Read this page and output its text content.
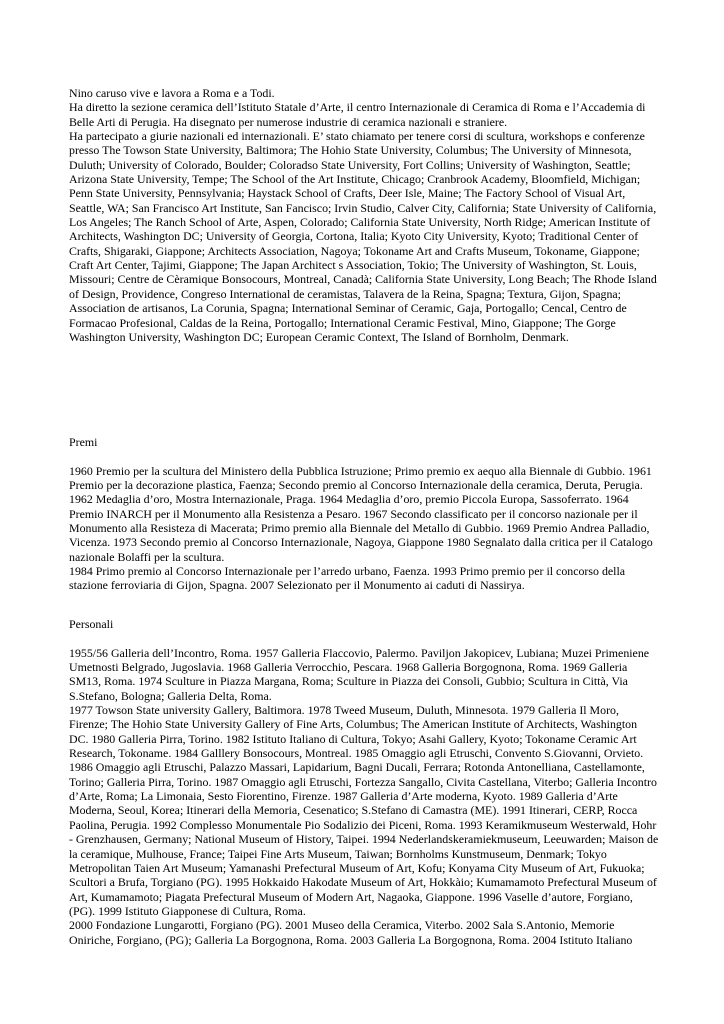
Nino caruso vive e lavora a Roma e a Todi.

Ha diretto la sezione ceramica dell’Istituto Statale d’Arte, il centro Internazionale di Ceramica di Roma e l’Accademia di Belle Arti di Perugia. Ha disegnato per numerose industrie di ceramica nazionali e straniere.

Ha partecipato a giurie nazionali ed internazionali. E’ stato chiamato per tenere corsi di scultura, workshops e conferenze presso The Towson State University, Baltimora; The Hohio State University, Columbus; The University of Minnesota, Duluth; University of Colorado, Boulder; Coloradso State University, Fort Collins; University of Washington, Seattle; Arizona State University, Tempe; The School of the Art Institute, Chicago; Cranbrook Academy, Bloomfield, Michigan; Penn State University, Pennsylvania; Haystack School of Crafts, Deer Isle, Maine; The Factory School of Visual Art, Seattle, WA; San Francisco Art Institute, San Fancisco; Irvin Studio, Calver City, California; State University of California, Los Angeles; The Ranch School of Arte, Aspen, Colorado; California State University, North Ridge; American Institute of Architects, Washington DC; University of Georgia, Cortona, Italia; Kyoto City University, Kyoto; Traditional Center of Crafts, Shigaraki, Giappone; Architects Association, Nagoya; Tokoname Art and Crafts Museum, Tokoname, Giappone; Craft Art Center, Tajimi, Giappone; The Japan Architect s Association, Tokio; The University of Washington, St. Louis, Missouri; Centre de Cèramique Bonsocours, Montreal, Canadà; California State University, Long Beach; The Rhode Island of Design, Providence, Congreso International de ceramistas, Talavera de la Reina, Spagna; Textura, Gijon, Spagna; Association de artisanos, La Corunia, Spagna; International Seminar of Ceramic, Gaja, Portogallo; Cencal, Centro de Formacao Profesional, Caldas de la Reina, Portogallo; International Ceramic Festival, Mino, Giappone; The Gorge Washington University, Washington DC; European Ceramic Context, The Island of Bornholm, Denmark.

Premi

1960 Premio per la scultura del Ministero della Pubblica Istruzione; Primo premio ex aequo alla Biennale di Gubbio. 1961 Premio per la decorazione plastica, Faenza; Secondo premio al Concorso Internazionale della ceramica, Deruta, Perugia. 1962 Medaglia d’oro, Mostra Internazionale, Praga. 1964 Medaglia d’oro, premio Piccola Europa, Sassoferrato. 1964 Premio INARCH per il Monumento alla Resistenza a Pesaro. 1967 Secondo classificato per il concorso nazionale per il Monumento alla Resisteza di Macerata; Primo premio alla Biennale del Metallo di Gubbio. 1969 Premio Andrea Palladio, Vicenza. 1973 Secondo premio al Concorso Internazionale, Nagoya, Giappone 1980 Segnalato dalla critica per il Catalogo nazionale Bolaffi per la scultura.

1984 Primo premio al Concorso Internazionale per l’arredo urbano, Faenza. 1993 Primo premio per il concorso della stazione ferroviaria di Gijon, Spagna. 2007 Selezionato per il Monumento ai caduti di Nassirya.

Personali

1955/56 Galleria dell’Incontro, Roma. 1957 Galleria Flaccovio, Palermo. Paviljon Jakopicev, Lubiana; Muzei Primeniene Umetnosti Belgrado, Jugoslavia. 1968 Galleria Verrocchio, Pescara. 1968 Galleria Borgognona, Roma. 1969 Galleria SM13, Roma. 1974 Sculture in Piazza Margana, Roma; Sculture in Piazza dei Consoli, Gubbio; Scultura in Città, Via S.Stefano, Bologna; Galleria Delta, Roma.

1977 Towson State university Gallery, Baltimora. 1978 Tweed Museum, Duluth, Minnesota. 1979 Galleria Il Moro, Firenze; The Hohio State University Gallery of Fine Arts, Columbus; The American Institute of Architects, Washington DC. 1980 Galleria Pirra, Torino. 1982 Istituto Italiano di Cultura, Tokyo; Asahi Gallery, Kyoto; Tokoname Ceramic Art Research, Tokoname. 1984 Galllery Bonsocours, Montreal. 1985 Omaggio agli Etruschi, Convento S.Giovanni, Orvieto. 1986 Omaggio agli Etruschi, Palazzo Massari, Lapidarium, Bagni Ducali, Ferrara; Rotonda Antonelliana, Castellamonte, Torino; Galleria Pirra, Torino. 1987 Omaggio agli Etruschi, Fortezza Sangallo, Civita Castellana, Viterbo; Galleria Incontro d’Arte, Roma; La Limonaia, Sesto Fiorentino, Firenze. 1987 Galleria d’Arte moderna, Kyoto. 1989 Galleria d’Arte Moderna, Seoul, Korea; Itinerari della Memoria, Cesenatico; S.Stefano di Camastra (ME). 1991 Itinerari, CERP, Rocca Paolina, Perugia. 1992 Complesso Monumentale Pio Sodalizio dei Piceni, Roma. 1993 Keramikmuseum Westerwald, Hohr - Grenzhausen, Germany; National Museum of History, Taipei. 1994 Nederlandskeramiekmuseum, Leeuwarden; Maison de la ceramique, Mulhouse, France; Taipei Fine Arts Museum, Taiwan; Bornholms Kunstmuseum, Denmark; Tokyo Metropolitan Taien Art Museum; Yamanashi Prefectural Museum of Art, Kofu; Konyama City Museum of Art, Fukuoka; Scultori a Brufa, Torgiano (PG). 1995 Hokkaido Hakodate Museum of Art, Hokkàio; Kumamamoto Prefectural Museum of Art, Kumamamoto; Piagata Prefectural Museum of Modern Art, Nagaoka, Giappone. 1996 Vaselle d’autore, Forgiano, (PG). 1999 Istituto Giapponese di Cultura, Roma.

2000 Fondazione Lungarotti, Forgiano (PG). 2001 Museo della Ceramica, Viterbo. 2002 Sala S.Antonio, Memorie Oniriche, Forgiano, (PG); Galleria La Borgognona, Roma. 2003 Galleria La Borgognona, Roma. 2004 Istituto Italiano
